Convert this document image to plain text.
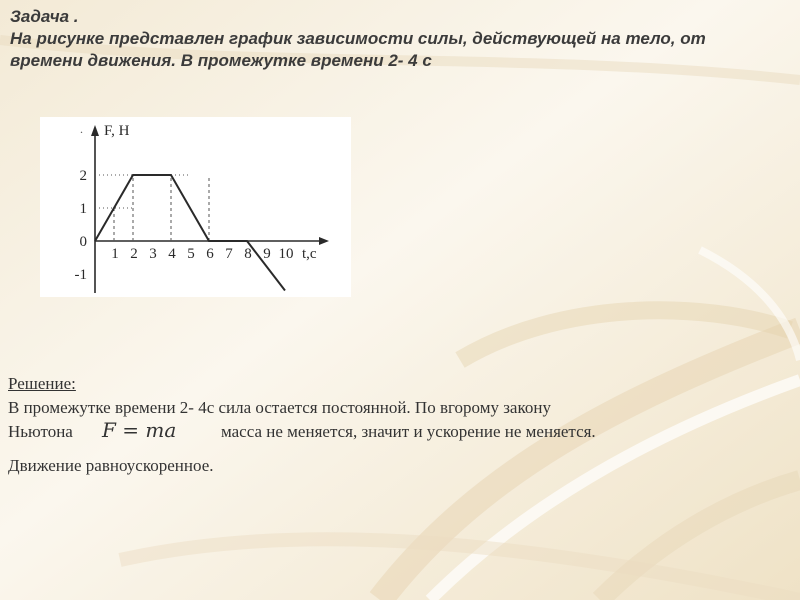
Задача .
На рисунке представлен график зависимости силы, действующей на тело, от
времени движения. В промежутке времени 2- 4 с
1 2 3 4 5 6 7 8 9 10
2
1
-1
0
F, H
t,c
.
Решение:
В промежутке времени 2- 4с сила остается постоянной. По вгорому закону
Ньютона F = ma	масса не меняется, значит и ускорение не меняется.
Движение равноускоренное.
